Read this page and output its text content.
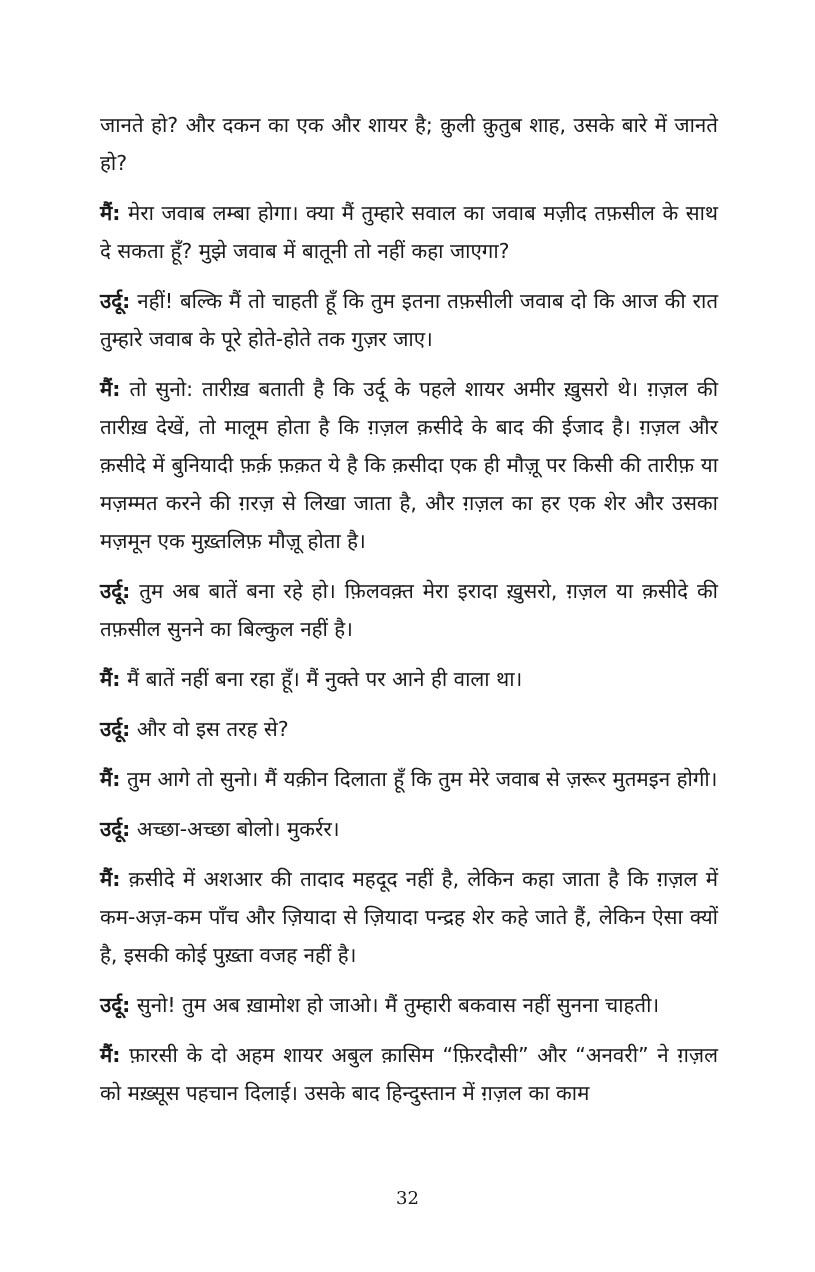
जानते हो? और दकन का एक और शायर है; क़ुली क़ुतुब शाह, उसके बारे में जानते हो?

मैं: मेरा जवाब लम्बा होगा। क्या मैं तुम्हारे सवाल का जवाब मज़ीद तफ़सील के साथ दे सकता हूँ? मुझे जवाब में बातूनी तो नहीं कहा जाएगा?

उर्दू: नहीं! बल्कि मैं तो चाहती हूँ कि तुम इतना तफ़सीली जवाब दो कि आज की रात तुम्हारे जवाब के पूरे होते-होते तक गुज़र जाए।

मैं: तो सुनो: तारीख़ बताती है कि उर्दू के पहले शायर अमीर ख़ुसरो थे। ग़ज़ल की तारीख़ देखें, तो मालूम होता है कि ग़ज़ल क़सीदे के बाद की ईजाद है। ग़ज़ल और क़सीदे में बुनियादी फ़र्क़ फ़क़त ये है कि क़सीदा एक ही मौज़ू पर किसी की तारीफ़ या मज़म्मत करने की ग़रज़ से लिखा जाता है, और ग़ज़ल का हर एक शेर और उसका मज़मून एक मुख़्तलिफ़ मौज़ू होता है।

उर्दू: तुम अब बातें बना रहे हो। फ़िलवक़्त मेरा इरादा ख़ुसरो, ग़ज़ल या क़सीदे की तफ़सील सुनने का बिल्कुल नहीं है।

मैं: मैं बातें नहीं बना रहा हूँ। मैं नुक्ते पर आने ही वाला था।

उर्दू: और वो इस तरह से?

मैं: तुम आगे तो सुनो। मैं यक़ीन दिलाता हूँ कि तुम मेरे जवाब से ज़रूर मुतमइन होगी।

उर्दू: अच्छा-अच्छा बोलो। मुकर्रर।

मैं: क़सीदे में अशआर की तादाद महदूद नहीं है, लेकिन कहा जाता है कि ग़ज़ल में कम-अज़-कम पाँच और ज़ियादा से ज़ियादा पन्द्रह शेर कहे जाते हैं, लेकिन ऐसा क्यों है, इसकी कोई पुख़्ता वजह नहीं है।

उर्दू: सुनो! तुम अब ख़ामोश हो जाओ। मैं तुम्हारी बकवास नहीं सुनना चाहती।

मैं: फ़ारसी के दो अहम शायर अबुल क़ासिम “फ़िरदौसी” और “अनवरी” ने ग़ज़ल को मख़्सूस पहचान दिलाई। उसके बाद हिन्दुस्तान में ग़ज़ल का काम

32
